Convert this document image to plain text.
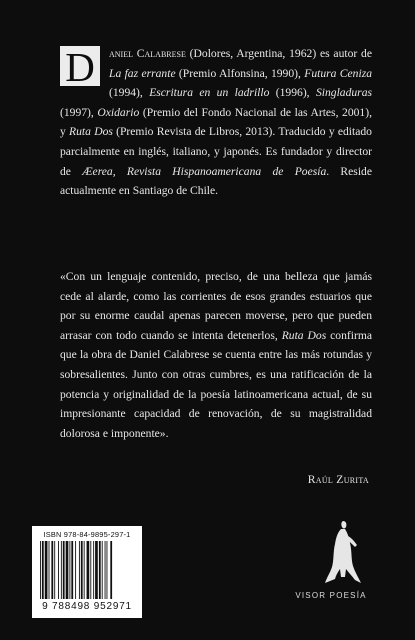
D	aniel Calabrese (Dolores, Argentina, 1962) es autor de La faz errante (Premio Alfonsina, 1990), Futura Ceniza (1994), Escritura en un ladrillo (1996), Singladuras (1997), Oxidario (Premio del Fondo Nacional de las Artes, 2001), y Ruta Dos (Premio Revista de Libros, 2013). Traducido y editado parcialmente en inglés, italiano, y japonés. Es fundador y director de Æerea, Revista Hispanoamericana de Poesía. Reside actualmente en Santiago de Chile.
«Con un lenguaje contenido, preciso, de una belleza que jamás cede al alarde, como las corrientes de esos grandes estuarios que por su enorme caudal apenas parecen moverse, pero que pueden arrasar con todo cuando se intenta detenerlos, Ruta Dos confirma que la obra de Daniel Calabrese se cuenta entre las más rotundas y sobresalientes. Junto con otras cumbres, es una ratificación de la potencia y originalidad de la poesía latinoamericana actual, de su impresionante capacidad de renovación, de su magistralidad dolorosa e imponente».
Raúl Zurita
ISBN 978-84-9895-297-1
9 788498 952971
VISOR POESÍA
